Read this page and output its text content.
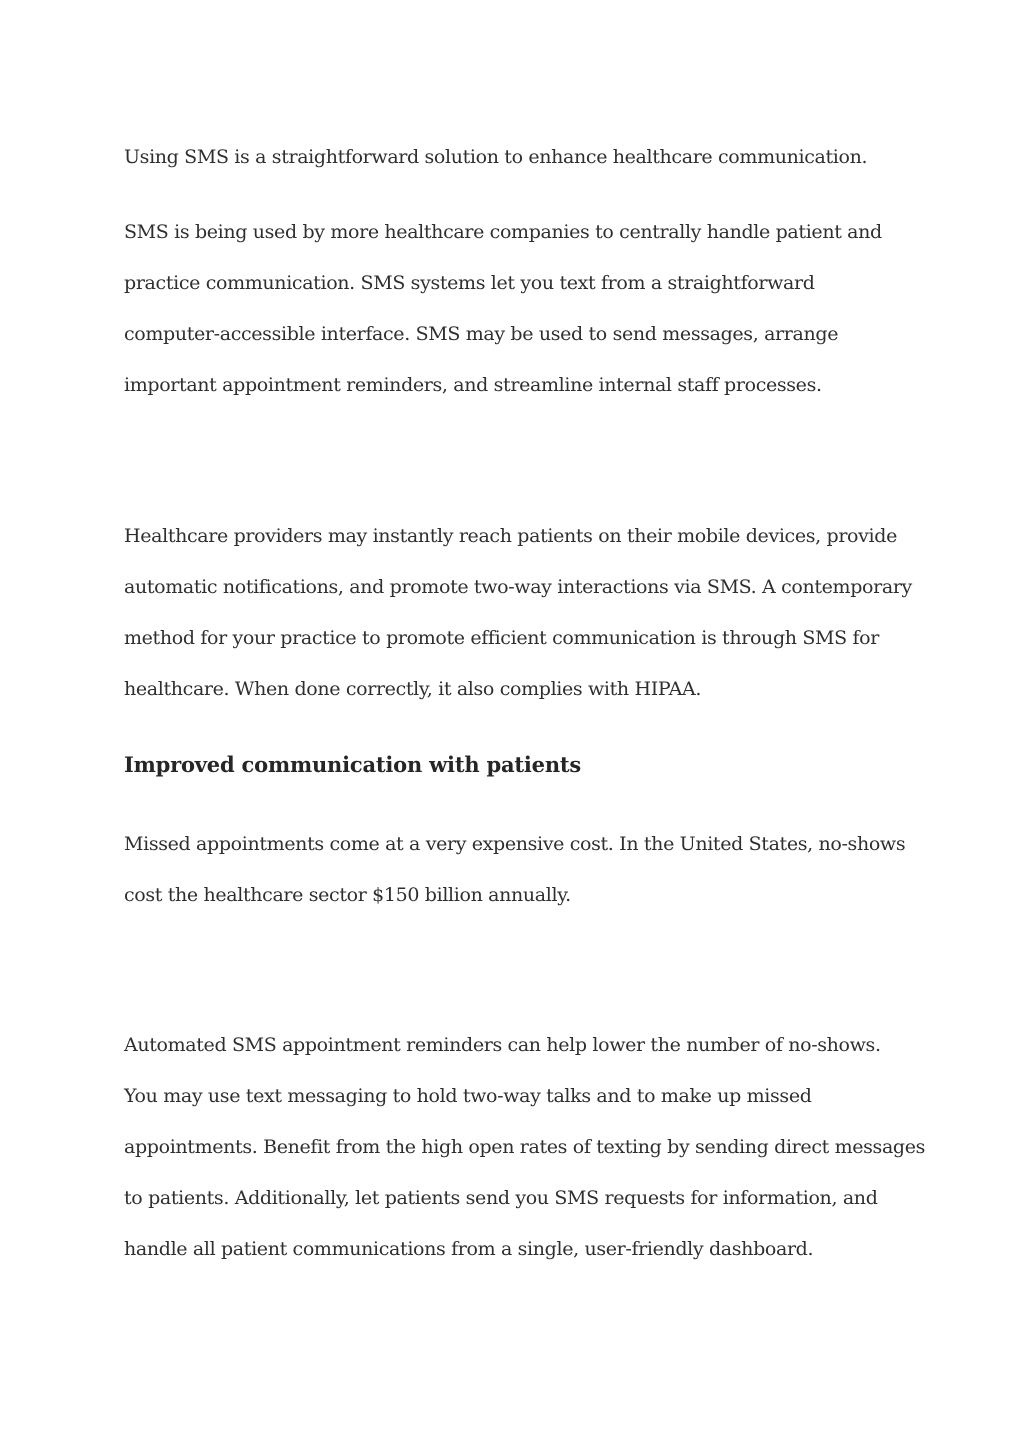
Using SMS is a straightforward solution to enhance healthcare communication.
SMS is being used by more healthcare companies to centrally handle patient and
practice communication. SMS systems let you text from a straightforward
computer-accessible interface. SMS may be used to send messages, arrange
important appointment reminders, and streamline internal staff processes.
Healthcare providers may instantly reach patients on their mobile devices, provide
automatic notifications, and promote two-way interactions via SMS. A contemporary
method for your practice to promote efficient communication is through SMS for
healthcare. When done correctly, it also complies with HIPAA.
Improved communication with patients
Missed appointments come at a very expensive cost. In the United States, no-shows
cost the healthcare sector $150 billion annually.
Automated SMS appointment reminders can help lower the number of no-shows.
You may use text messaging to hold two-way talks and to make up missed
appointments. Benefit from the high open rates of texting by sending direct messages
to patients. Additionally, let patients send you SMS requests for information, and
handle all patient communications from a single, user-friendly dashboard.
